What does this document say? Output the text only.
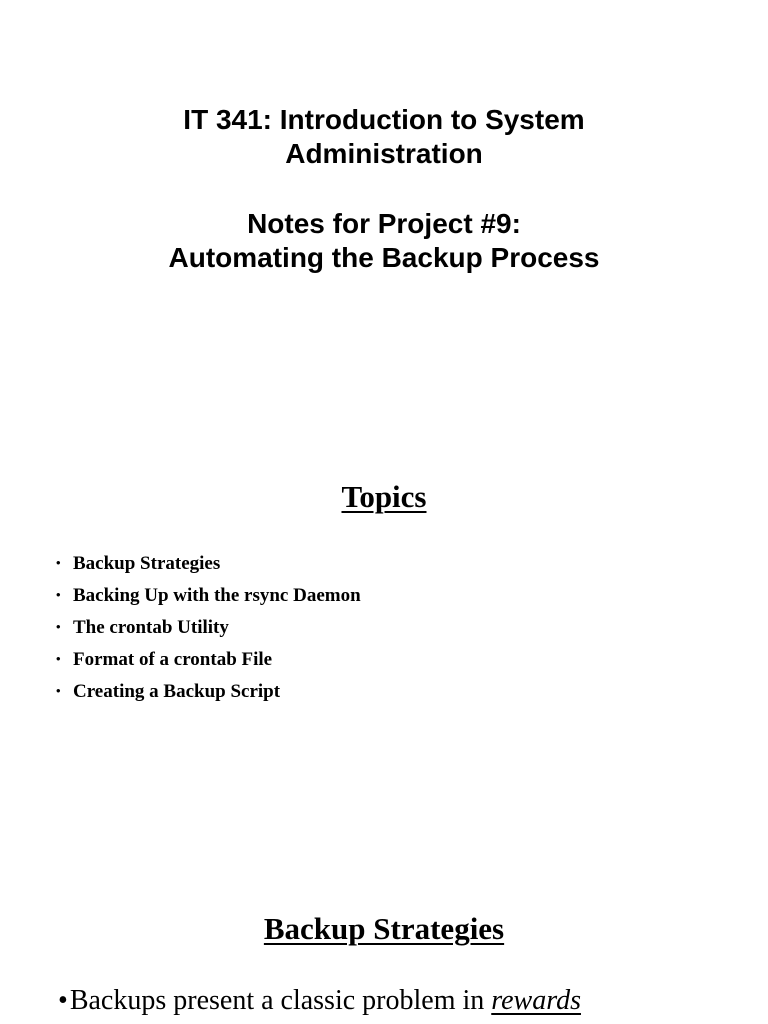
IT 341: Introduction to System
Administration
Notes for Project #9:
Automating the Backup Process
Topics
• Backup Strategies
• Backing Up with the rsync Daemon
• The crontab Utility
• Format of a crontab File
• Creating a Backup Script
Backup Strategies
•Backups present a classic problem in rewards
